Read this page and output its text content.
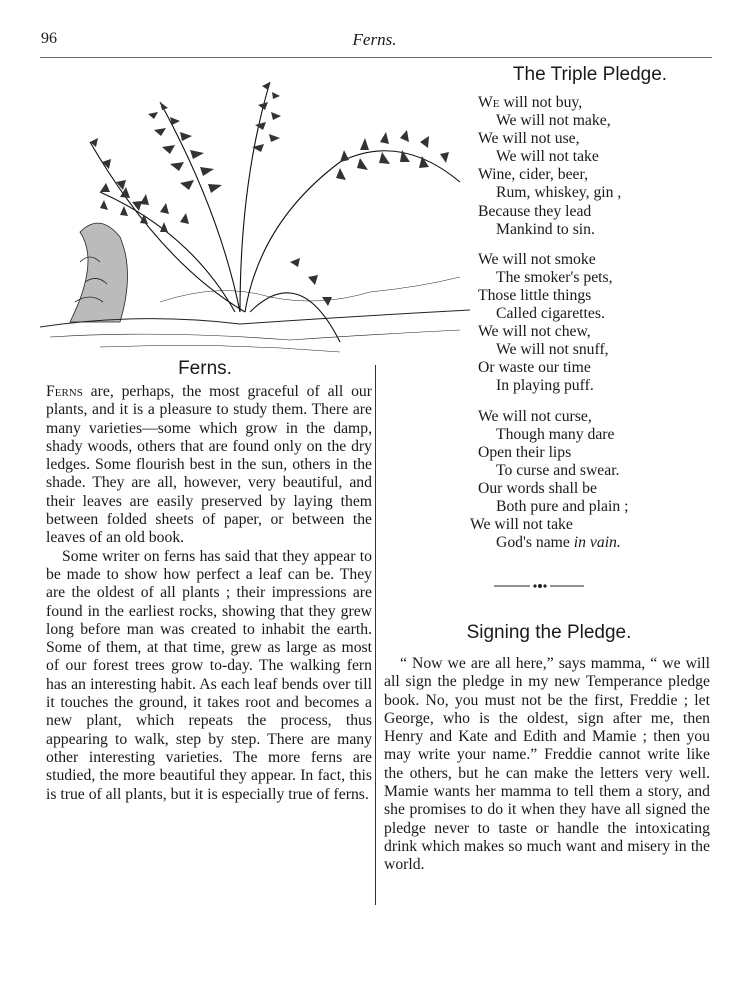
96	Ferns.
Ferns.

Ferns are, perhaps, the most graceful of all our plants, and it is a pleasure to study them. There are many varieties—some which grow in the damp, shady woods, others that are found only on the dry ledges. Some flourish best in the sun, others in the shade. They are all, however, very beautiful, and their leaves are easily preserved by laying them between folded sheets of paper, or between the leaves of an old book.

Some writer on ferns has said that they appear to be made to show how perfect a leaf can be. They are the oldest of all plants ; their impressions are found in the earliest rocks, showing that they grew long before man was created to inhabit the earth. Some of them, at that time, grew as large as most of our forest trees grow to-day. The walking fern has an interesting habit. As each leaf bends over till it touches the ground, it takes root and becomes a new plant, which repeats the process, thus appearing to walk, step by step. There are many other interesting varieties. The more ferns are studied, the more beautiful they appear. In fact, this is true of all plants, but it is especially true of ferns.

The Triple Pledge.
We will not buy,
We will not make,
We will not use,
We will not take
Wine, cider, beer,
Rum, whiskey, gin ,
Because they lead
Mankind to sin.
We will not smoke
The smoker's pets,
Those little things
Called cigarettes.
We will not chew,
We will not snuff,
Or waste our time
In playing puff.
We will not curse,
Though many dare
Open their lips
To curse and swear.
Our words shall be
Both pure and plain ;
We will not take
God's name in vain.
Signing the Pledge.

“ Now we are all here,” says mamma, “ we will all sign the pledge in my new Temperance pledge book. No, you must not be the first, Freddie ; let George, who is the oldest, sign after me, then Henry and Kate and Edith and Mamie ; then you may write your name.” Freddie cannot write like the others, but he can make the letters very well. Mamie wants her mamma to tell them a story, and she promises to do it when they have all signed the pledge never to taste or handle the intoxicating drink which makes so much want and misery in the world.
